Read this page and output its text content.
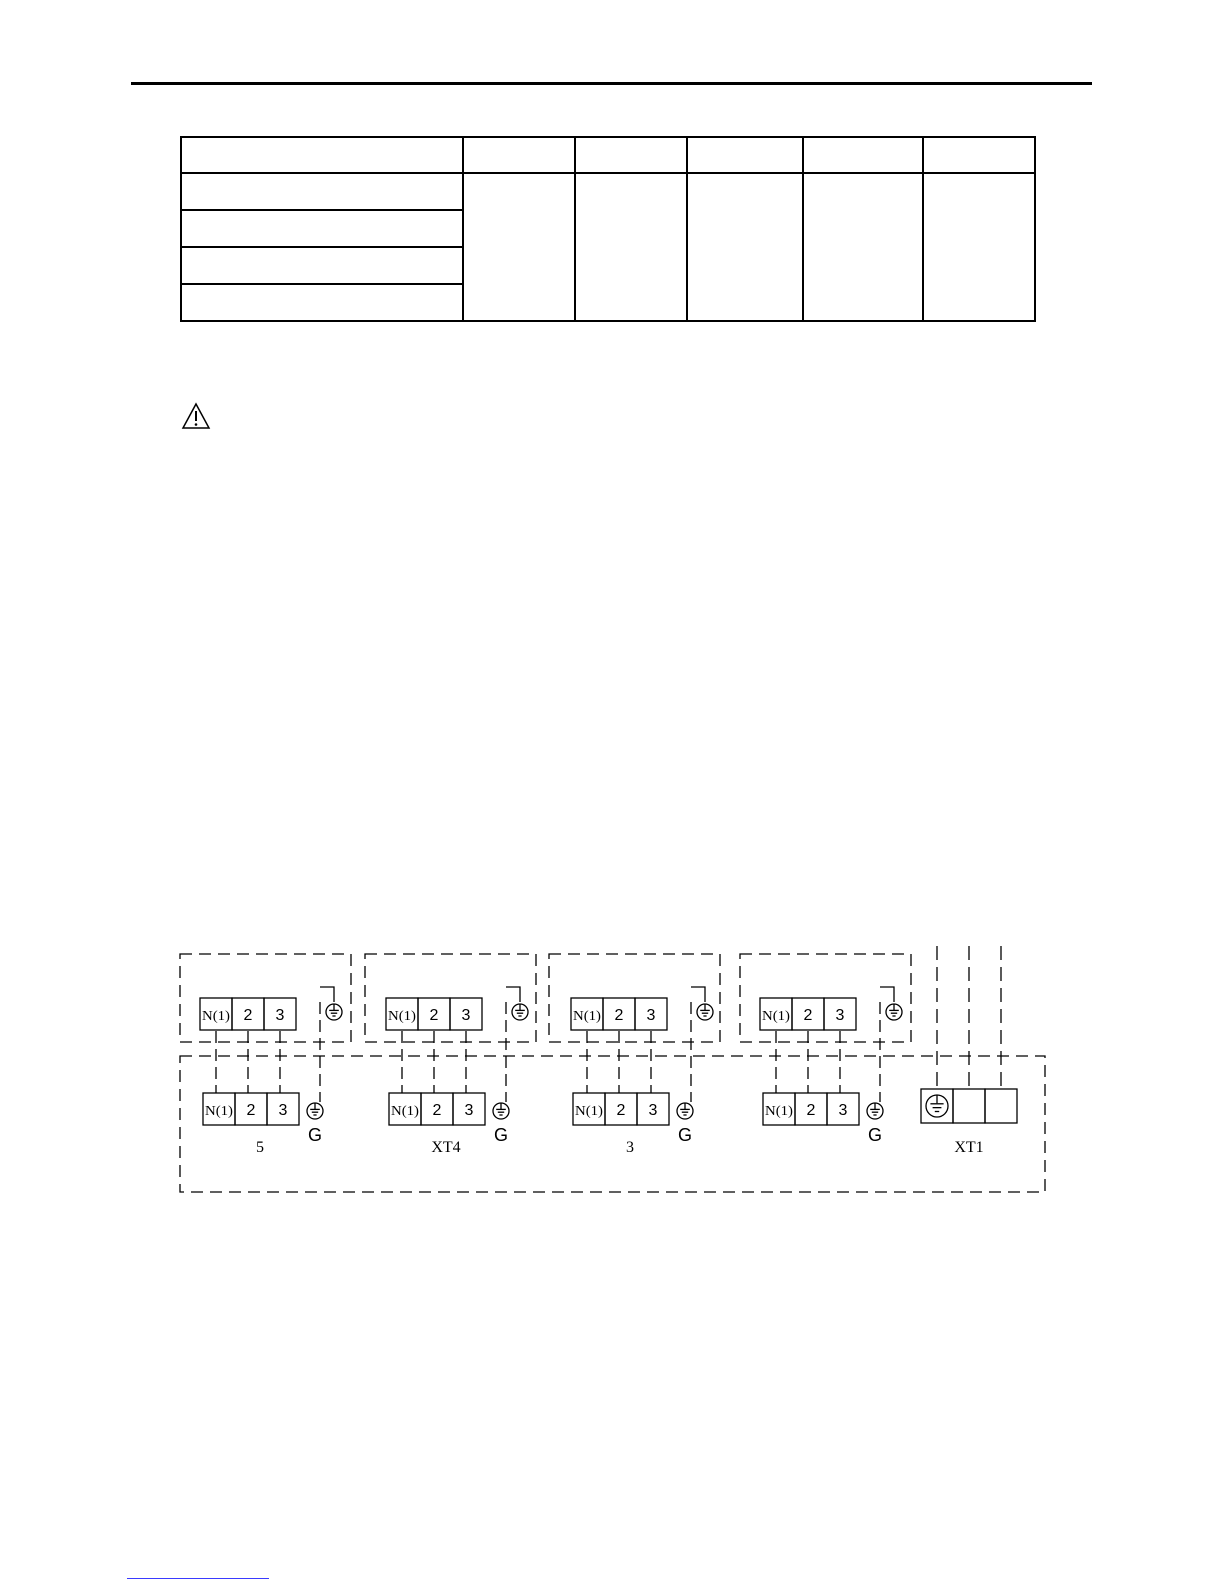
N(1) 2 3
N(1) 2 3
G
5
N(1) 2 3
N(1) 2 3
G
XT4
N(1) 2 3
N(1) 2 3
G
3
N(1) 2 3
N(1) 2 3
G
XT1
